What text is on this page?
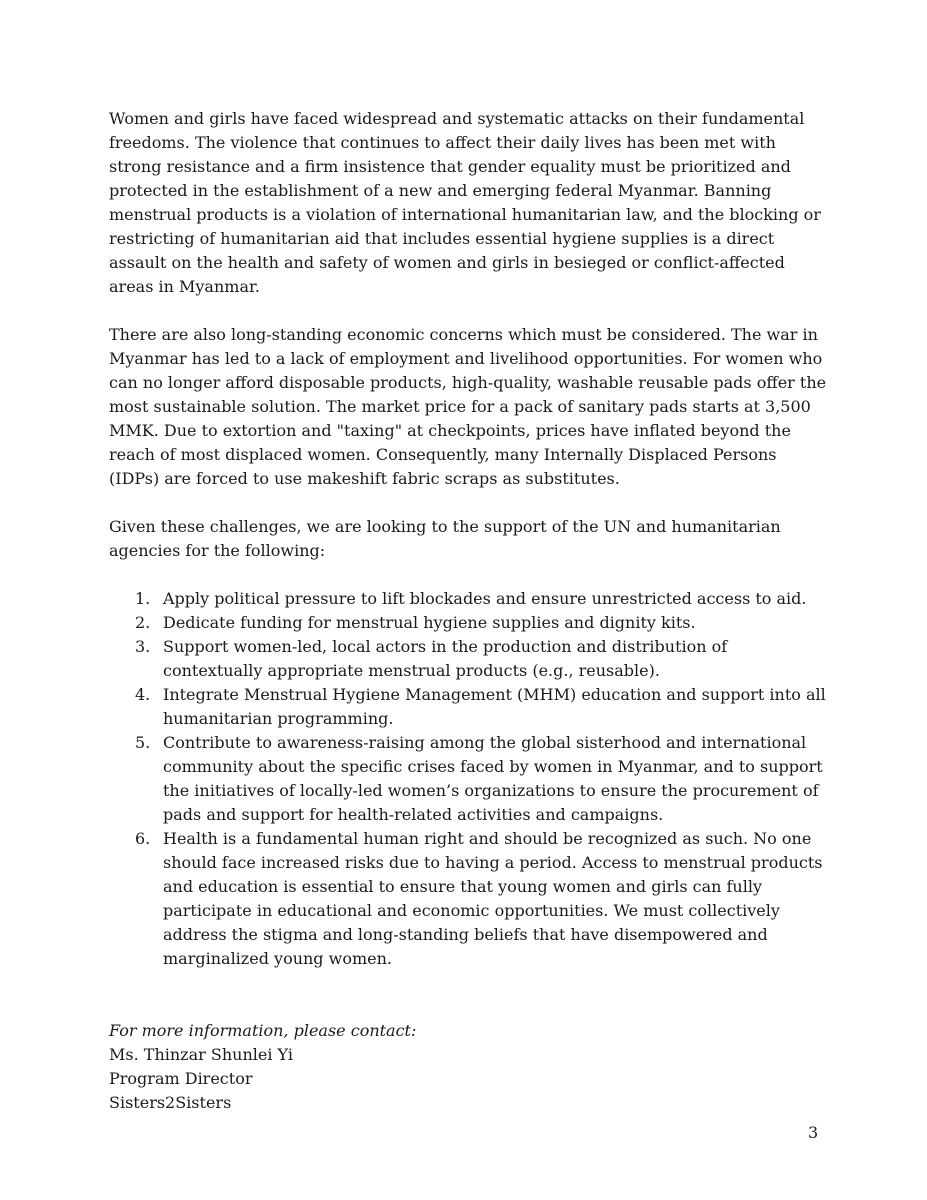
Women and girls have faced widespread and systematic attacks on their fundamental freedoms. The violence that continues to affect their daily lives has been met with strong resistance and a firm insistence that gender equality must be prioritized and protected in the establishment of a new and emerging federal Myanmar. Banning menstrual products is a violation of international humanitarian law, and the blocking or restricting of humanitarian aid that includes essential hygiene supplies is a direct assault on the health and safety of women and girls in besieged or conflict-affected areas in Myanmar.

There are also long-standing economic concerns which must be considered. The war in Myanmar has led to a lack of employment and livelihood opportunities. For women who can no longer afford disposable products, high-quality, washable reusable pads offer the most sustainable solution. The market price for a pack of sanitary pads starts at 3,500 MMK. Due to extortion and "taxing" at checkpoints, prices have inflated beyond the reach of most displaced women. Consequently, many Internally Displaced Persons (IDPs) are forced to use makeshift fabric scraps as substitutes.

Given these challenges, we are looking to the support of the UN and humanitarian agencies for the following:

1. Apply political pressure to lift blockades and ensure unrestricted access to aid.
2. Dedicate funding for menstrual hygiene supplies and dignity kits.
3. Support women-led, local actors in the production and distribution of contextually appropriate menstrual products (e.g., reusable).
4. Integrate Menstrual Hygiene Management (MHM) education and support into all humanitarian programming.
5. Contribute to awareness-raising among the global sisterhood and international community about the specific crises faced by women in Myanmar, and to support the initiatives of locally-led women’s organizations to ensure the procurement of pads and support for health-related activities and campaigns.
6. Health is a fundamental human right and should be recognized as such. No one should face increased risks due to having a period. Access to menstrual products and education is essential to ensure that young women and girls can fully participate in educational and economic opportunities. We must collectively address the stigma and long-standing beliefs that have disempowered and marginalized young women.

For more information, please contact:

Ms. Thinzar Shunlei Yi

Program Director

Sisters2Sisters

3
